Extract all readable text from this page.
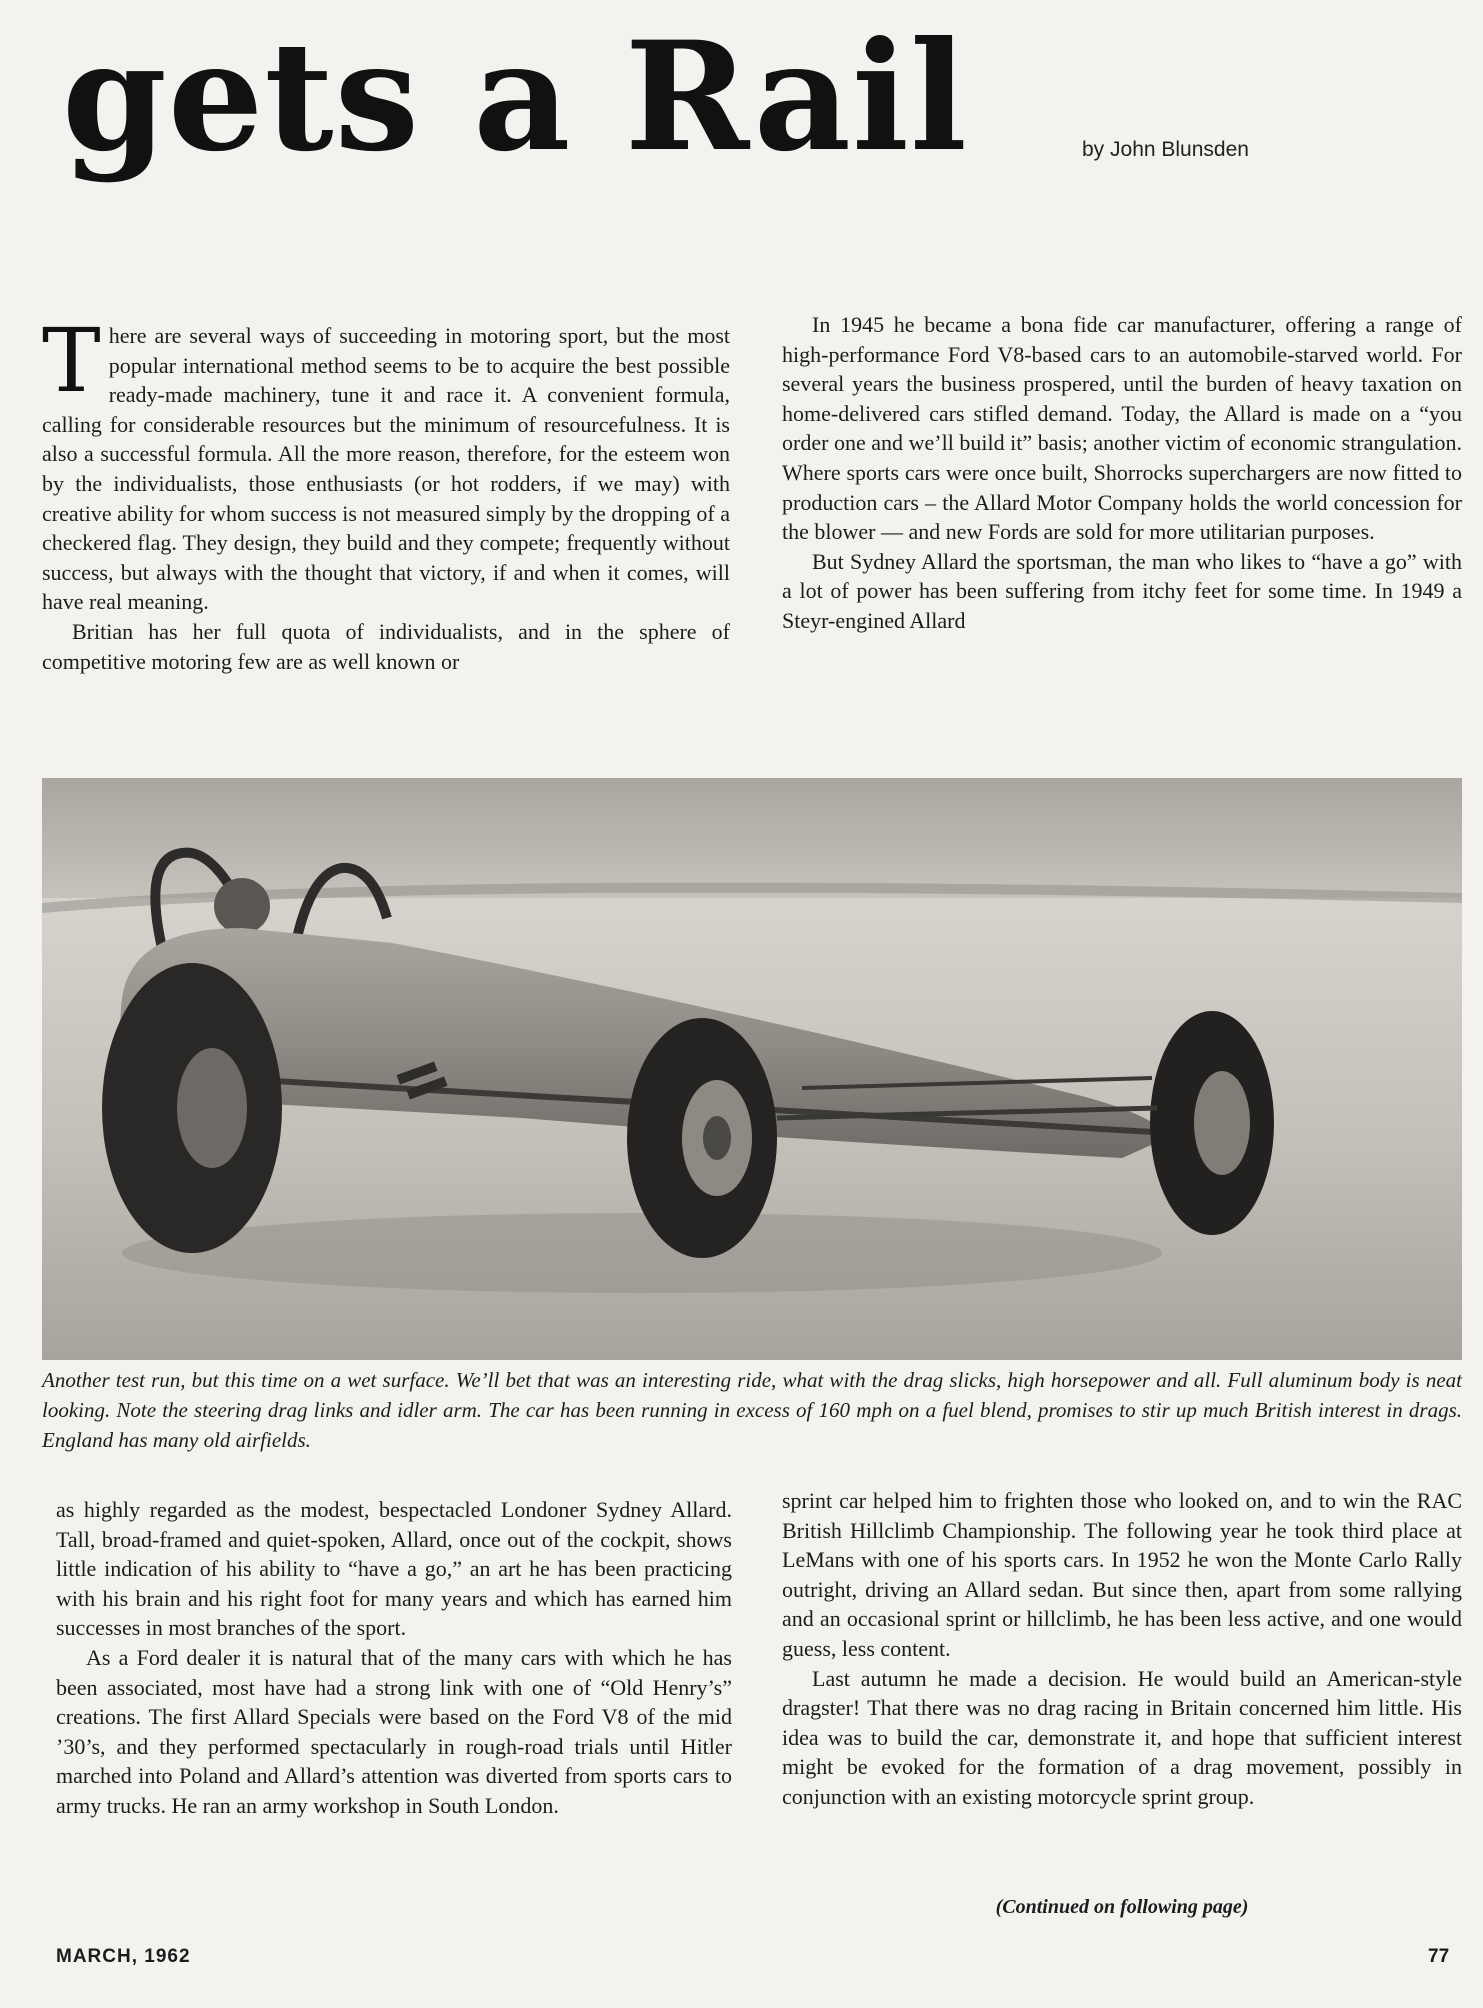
gets a Rail	by John Blunsden

There are several ways of succeeding in motoring sport, but the most popular international method seems to be to acquire the best possible ready-made machinery, tune it and race it. A convenient formula, calling for considerable resources but the minimum of resourcefulness. It is also a successful formula. All the more reason, therefore, for the esteem won by the individualists, those enthusiasts (or hot rodders, if we may) with creative ability for whom success is not measured simply by the dropping of a checkered flag. They design, they build and they compete; frequently without success, but always with the thought that victory, if and when it comes, will have real meaning.

Britian has her full quota of individualists, and in the sphere of competitive motoring few are as well known or

In 1945 he became a bona fide car manufacturer, offering a range of high-performance Ford V8-based cars to an automobile-starved world. For several years the business prospered, until the burden of heavy taxation on home-delivered cars stifled demand. Today, the Allard is made on a “you order one and we’ll build it” basis; another victim of economic strangulation. Where sports cars were once built, Shorrocks superchargers are now fitted to production cars – the Allard Motor Company holds the world concession for the blower — and new Fords are sold for more utilitarian purposes.

But Sydney Allard the sportsman, the man who likes to “have a go” with a lot of power has been suffering from itchy feet for some time. In 1949 a Steyr-engined Allard

Another test run, but this time on a wet surface. We’ll bet that was an interesting ride, what with the drag slicks, high horsepower and all. Full aluminum body is neat looking. Note the steering drag links and idler arm. The car has been running in excess of 160 mph on a fuel blend, promises to stir up much British interest in drags. England has many old airfields.

as highly regarded as the modest, bespectacled Londoner Sydney Allard. Tall, broad-framed and quiet-spoken, Allard, once out of the cockpit, shows little indication of his ability to “have a go,” an art he has been practicing with his brain and his right foot for many years and which has earned him successes in most branches of the sport.

As a Ford dealer it is natural that of the many cars with which he has been associated, most have had a strong link with one of “Old Henry’s” creations. The first Allard Specials were based on the Ford V8 of the mid ’30’s, and they performed spectacularly in rough-road trials until Hitler marched into Poland and Allard’s attention was diverted from sports cars to army trucks. He ran an army workshop in South London.

sprint car helped him to frighten those who looked on, and to win the RAC British Hillclimb Championship. The following year he took third place at LeMans with one of his sports cars. In 1952 he won the Monte Carlo Rally outright, driving an Allard sedan. But since then, apart from some rallying and an occasional sprint or hillclimb, he has been less active, and one would guess, less content.

Last autumn he made a decision. He would build an American-style dragster! That there was no drag racing in Britain concerned him little. His idea was to build the car, demonstrate it, and hope that sufficient interest might be evoked for the formation of a drag movement, possibly in conjunction with an existing motorcycle sprint group.

(Continued on following page)
MARCH, 1962	77
